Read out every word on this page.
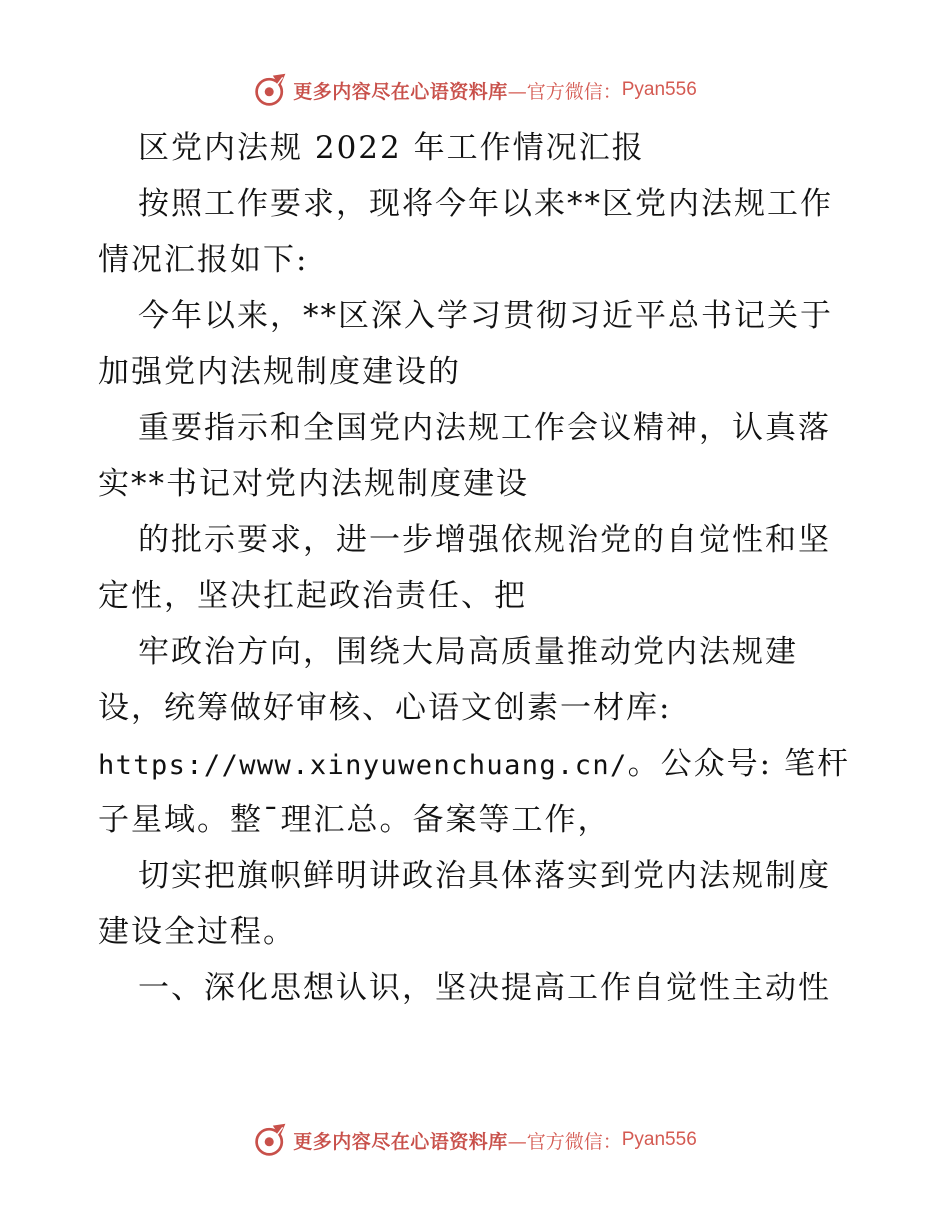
更多内容尽在心语资料库 —官方微信： Pyan556
区党内法规 2022 年工作情况汇报
按照工作要求，现将今年以来**区党内法规工作
情况汇报如下:
今年以来，**区深入学习贯彻习近平总书记关于
加强党内法规制度建设的
重要指示和全国党内法规工作会议精神，认真落
实**书记对党内法规制度建设
的批示要求，进一步增强依规治党的自觉性和坚
定性，坚决扛起政治责任、把
牢政治方向，围绕大局高质量推动党内法规建
设，统筹做好审核、心语文创素一材库:
https://www.xinyuwenchuang.cn/。公众号: 笔杆
子星域。整¯理汇总。备案等工作，
切实把旗帜鲜明讲政治具体落实到党内法规制度
建设全过程。
一、深化思想认识，坚决提高工作自觉性主动性
更多内容尽在心语资料库 —官方微信： Pyan556
